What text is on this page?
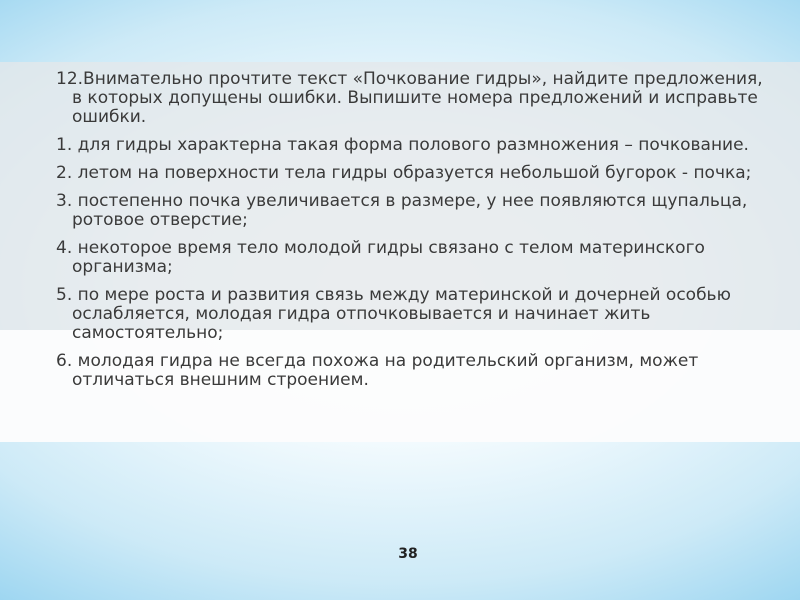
12.Внимательно прочтите текст «Почкование гидры», найдите предложения, в которых допущены ошибки. Выпишите номера предложений и исправьте ошибки.

1. для гидры характерна такая форма полового размножения – почкование.

2. летом на поверхности тела гидры образуется небольшой бугорок - почка;

3. постепенно почка увеличивается в размере, у нее появляются щупальца, ротовое отверстие;

4. некоторое время тело молодой гидры связано с телом материнского организма;

5. по мере роста и развития связь между материнской и дочерней особью ослабляется, молодая гидра отпочковывается и начинает жить самостоятельно;

6. молодая гидра не всегда похожа на родительский организм, может отличаться внешним строением.

38
